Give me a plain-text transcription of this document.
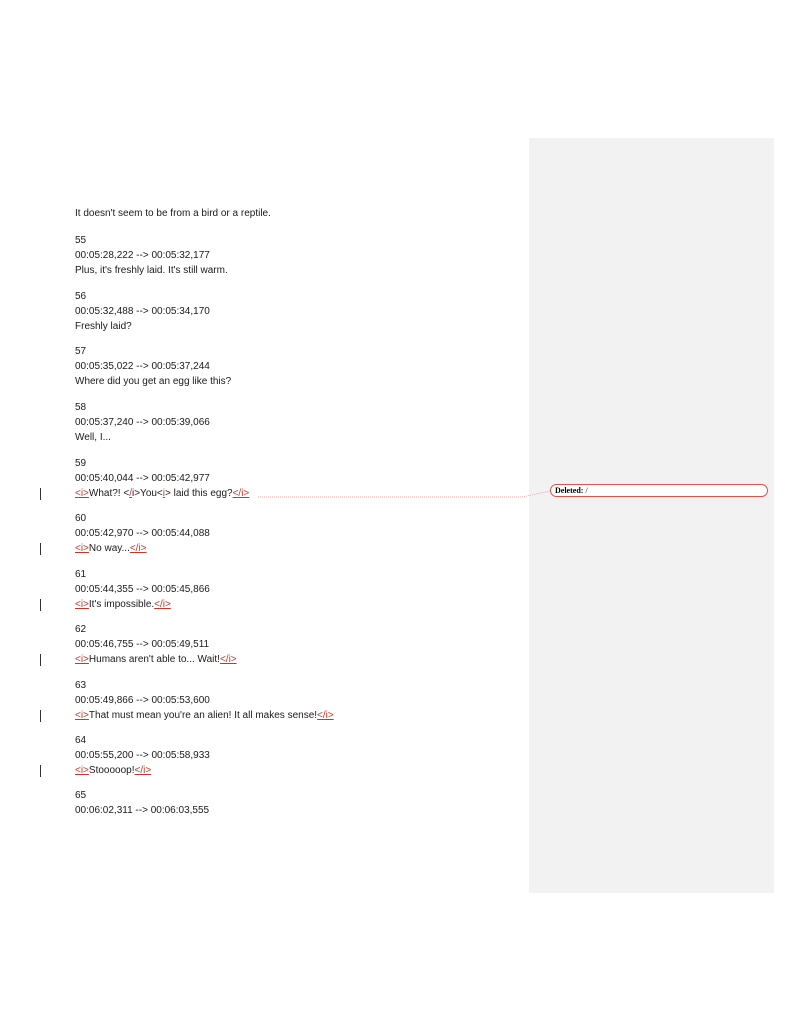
It doesn't seem to be from a bird or a reptile.
55
00:05:28,222 --> 00:05:32,177
Plus, it's freshly laid. It's still warm.
56
00:05:32,488 --> 00:05:34,170
Freshly laid?
57
00:05:35,022 --> 00:05:37,244
Where did you get an egg like this?
58
00:05:37,240 --> 00:05:39,066
Well, I...
59
00:05:40,044 --> 00:05:42,977
<i>What?! </i>You<i> laid this egg?</i>
60
00:05:42,970 --> 00:05:44,088
<i>No way...</i>
61
00:05:44,355 --> 00:05:45,866
<i>It's impossible.</i>
62
00:05:46,755 --> 00:05:49,511
<i>Humans aren't able to... Wait!</i>
63
00:05:49,866 --> 00:05:53,600
<i>That must mean you're an alien! It all makes sense!</i>
64
00:05:55,200 --> 00:05:58,933
<i>Stooooop!</i>
65
00:06:02,311 --> 00:06:03,555
Deleted: /
